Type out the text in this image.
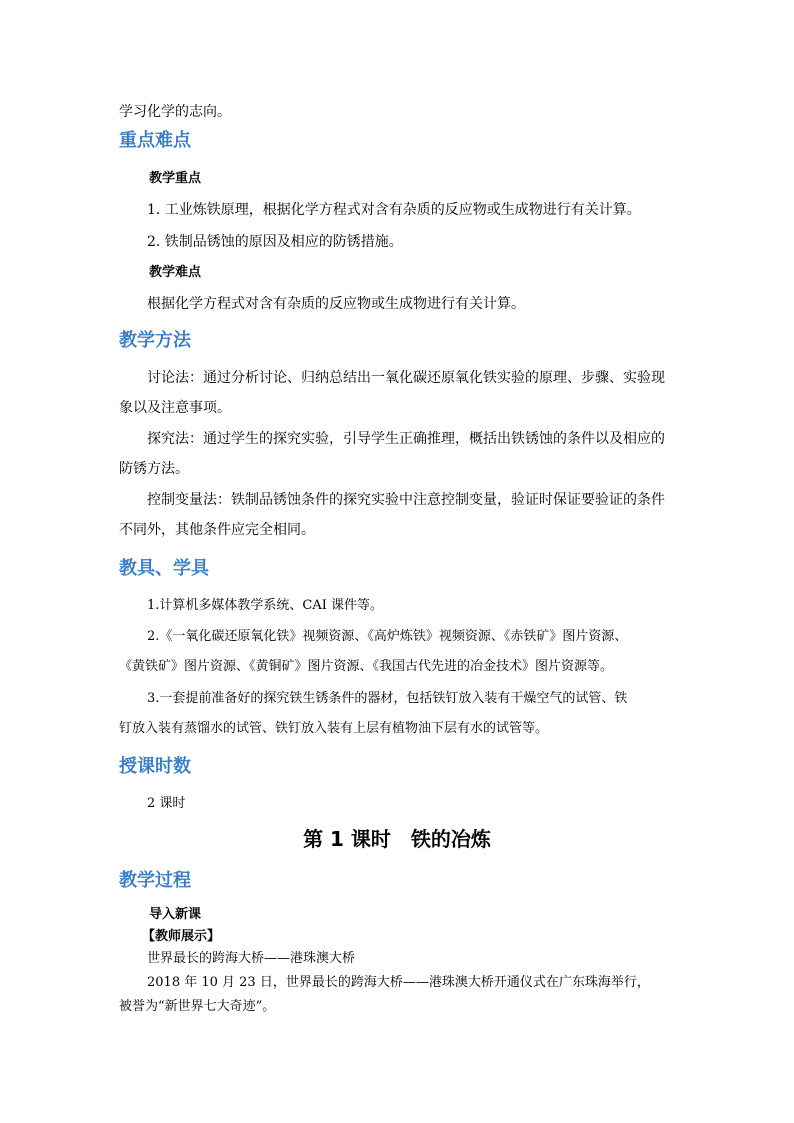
学习化学的志向。
重点难点
教学重点
1. 工业炼铁原理，根据化学方程式对含有杂质的反应物或生成物进行有关计算。
2. 铁制品锈蚀的原因及相应的防锈措施。
教学难点
根据化学方程式对含有杂质的反应物或生成物进行有关计算。
教学方法
讨论法：通过分析讨论、归纳总结出一氧化碳还原氧化铁实验的原理、步骤、实验现
象以及注意事项。
探究法：通过学生的探究实验，引导学生正确推理，概括出铁锈蚀的条件以及相应的
防锈方法。
控制变量法：铁制品锈蚀条件的探究实验中注意控制变量，验证时保证要验证的条件
不同外，其他条件应完全相同。
教具、学具
1.计算机多媒体教学系统、CAI 课件等。
2.《一氧化碳还原氧化铁》视频资源、《高炉炼铁》视频资源、《赤铁矿》图片资源、
《黄铁矿》图片资源、《黄铜矿》图片资源、《我国古代先进的冶金技术》图片资源等。
3.一套提前准备好的探究铁生锈条件的器材，包括铁钉放入装有干燥空气的试管、铁
钉放入装有蒸馏水的试管、铁钉放入装有上层有植物油下层有水的试管等。
授课时数
2 课时
第 1 课时　铁的冶炼
教学过程
导入新课
【教师展示】
世界最长的跨海大桥——港珠澳大桥
2018 年 10 月 23 日，世界最长的跨海大桥——港珠澳大桥开通仪式在广东珠海举行，
被誉为“新世界七大奇迹”。
